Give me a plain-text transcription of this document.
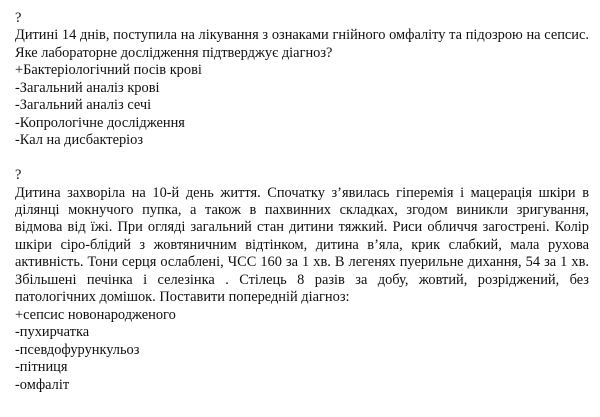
?
Дитині 14 днів, поступила на лікування з ознаками гнійного омфаліту та підозрою на сепсис. Яке лабораторне дослідження підтверджує діагноз?
+Бактеріологічний посів крові
-Загальний аналіз крові
-Загальний аналіз сечі
-Копрологічне дослідження
-Кал на дисбактеріоз
?
Дитина захворіла на 10-й день життя. Спочатку з’явилась гіперемія і мацерація шкіри в ділянці мокнучого пупка, а також в пахвинних складках, згодом виникли зригування, відмова від їжі. При огляді загальний стан дитини тяжкий. Риси обличчя загострені. Колір шкіри сіро-блідий з жовтяничним відтінком, дитина в’яла, крик слабкий, мала рухова активність. Тони серця ослаблені, ЧСС 160 за 1 хв. В легенях пуерильне дихання, 54 за 1 хв. Збільшені печінка і селезінка . Стілець 8 разів за добу, жовтий, розріджений, без патологічних домішок. Поставити попередній діагноз:
+сепсис новонародженого
-пухирчатка
-псевдофурункульоз
-пітниця
-омфаліт
